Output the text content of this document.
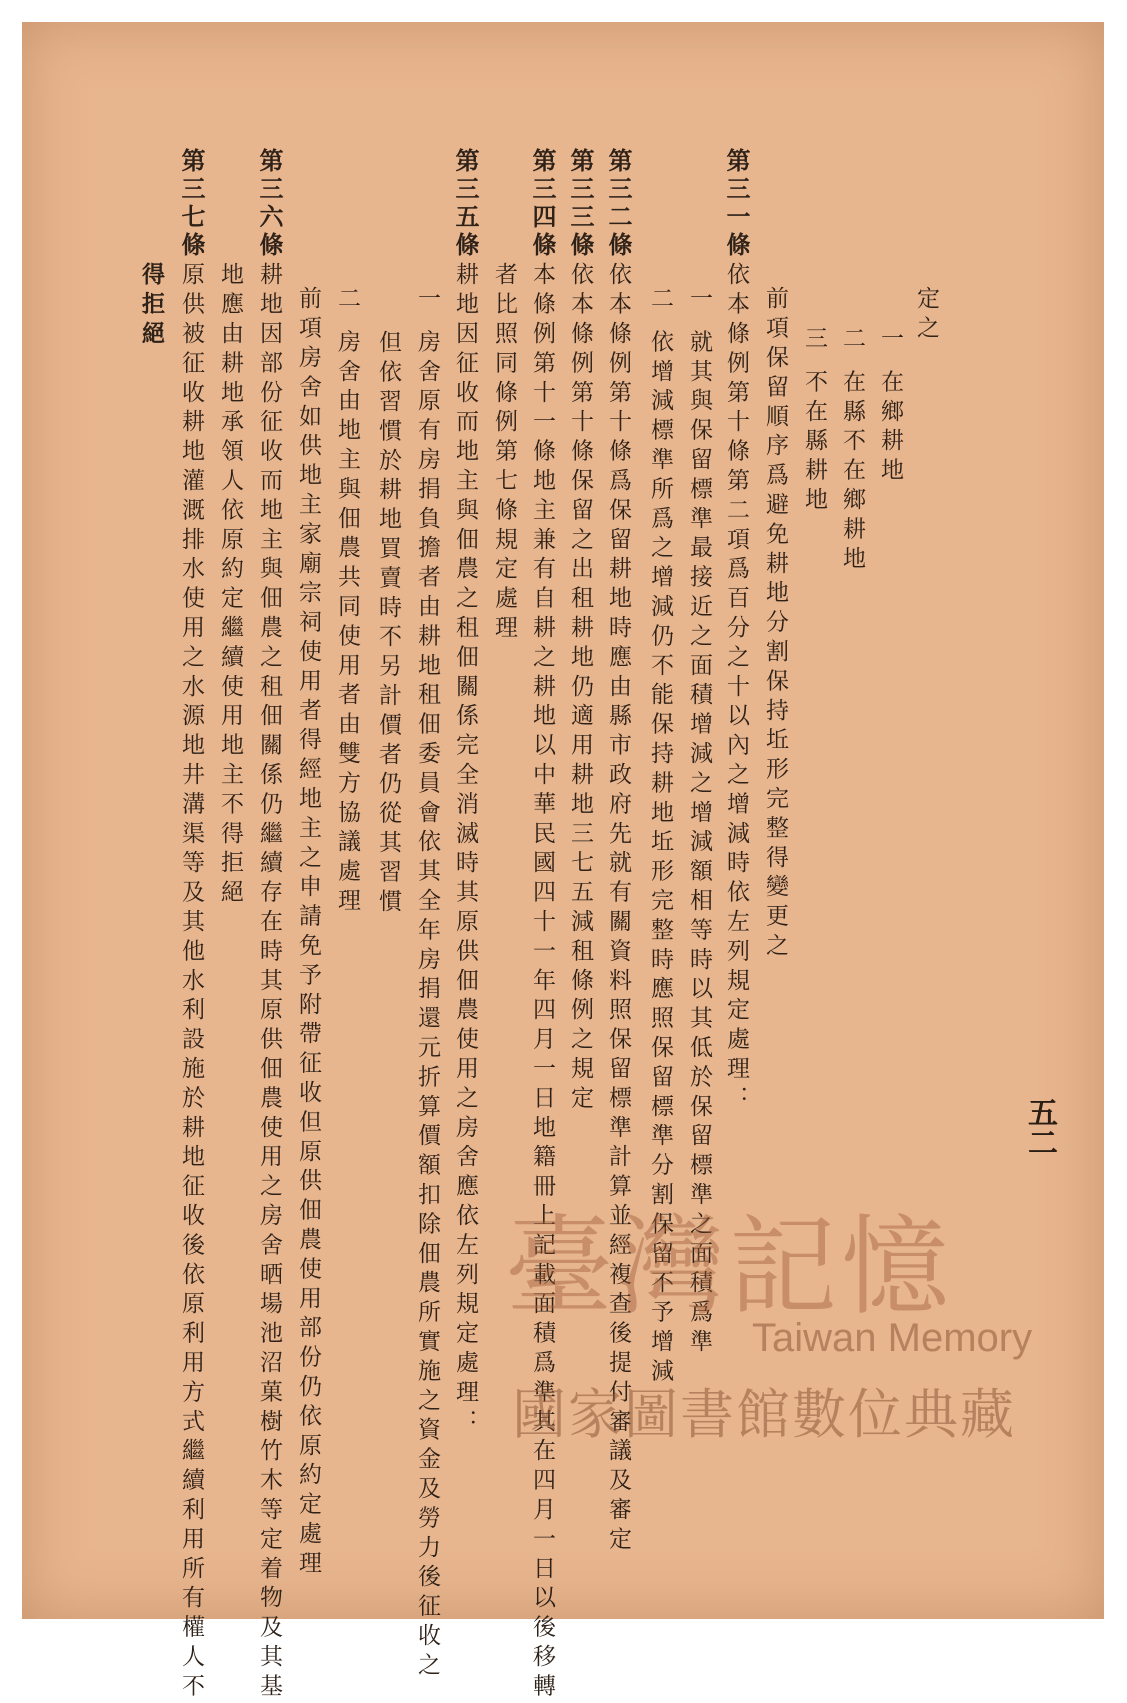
五二
第三一條
第三二條
第三三條
第三四條
第三五條
第三六條
第三七條
定之
一 在鄉耕地
二 在縣不在鄉耕地
三 不在縣耕地
前項保留順序爲避免耕地分割保持坵形完整得變更之
依本條例第十條第二項爲百分之十以內之增減時依左列規定處理：
一 就其與保留標準最接近之面積增減之增減額相等時以其低於保留標準之面積爲準
二 依增減標準所爲之增減仍不能保持耕地坵形完整時應照保留標準分割保留不予增減
依本條例第十條爲保留耕地時應由縣市政府先就有關資料照保留標準計算並經複查後提付審議及審定
依本條例第十條保留之出租耕地仍適用耕地三七五減租條例之規定
本條例第十一條地主兼有自耕之耕地以中華民國四十一年四月一日地籍冊上記載面積爲準其在四月一日以後移轉
者比照同條例第七條規定處理
耕地因征收而地主與佃農之租佃關係完全消滅時其原供佃農使用之房舍應依左列規定處理：
一 房舍原有房捐負擔者由耕地租佃委員會依其全年房捐還元折算價額扣除佃農所實施之資金及勞力後征收之
但依習慣於耕地買賣時不另計價者仍從其習慣
二 房舍由地主與佃農共同使用者由雙方協議處理
前項房舍如供地主家廟宗祠使用者得經地主之申請免予附帶征收但原供佃農使用部份仍依原約定處理
耕地因部份征收而地主與佃農之租佃關係仍繼續存在時其原供佃農使用之房舍晒場池沼菓樹竹木等定着物及其基
地應由耕地承領人依原約定繼續使用地主不得拒絕
原供被征收耕地灌溉排水使用之水源地井溝渠等及其他水利設施於耕地征收後依原利用方式繼續利用所有權人不
得拒絕
臺灣記憶
Taiwan Memory
國家圖書館數位典藏
